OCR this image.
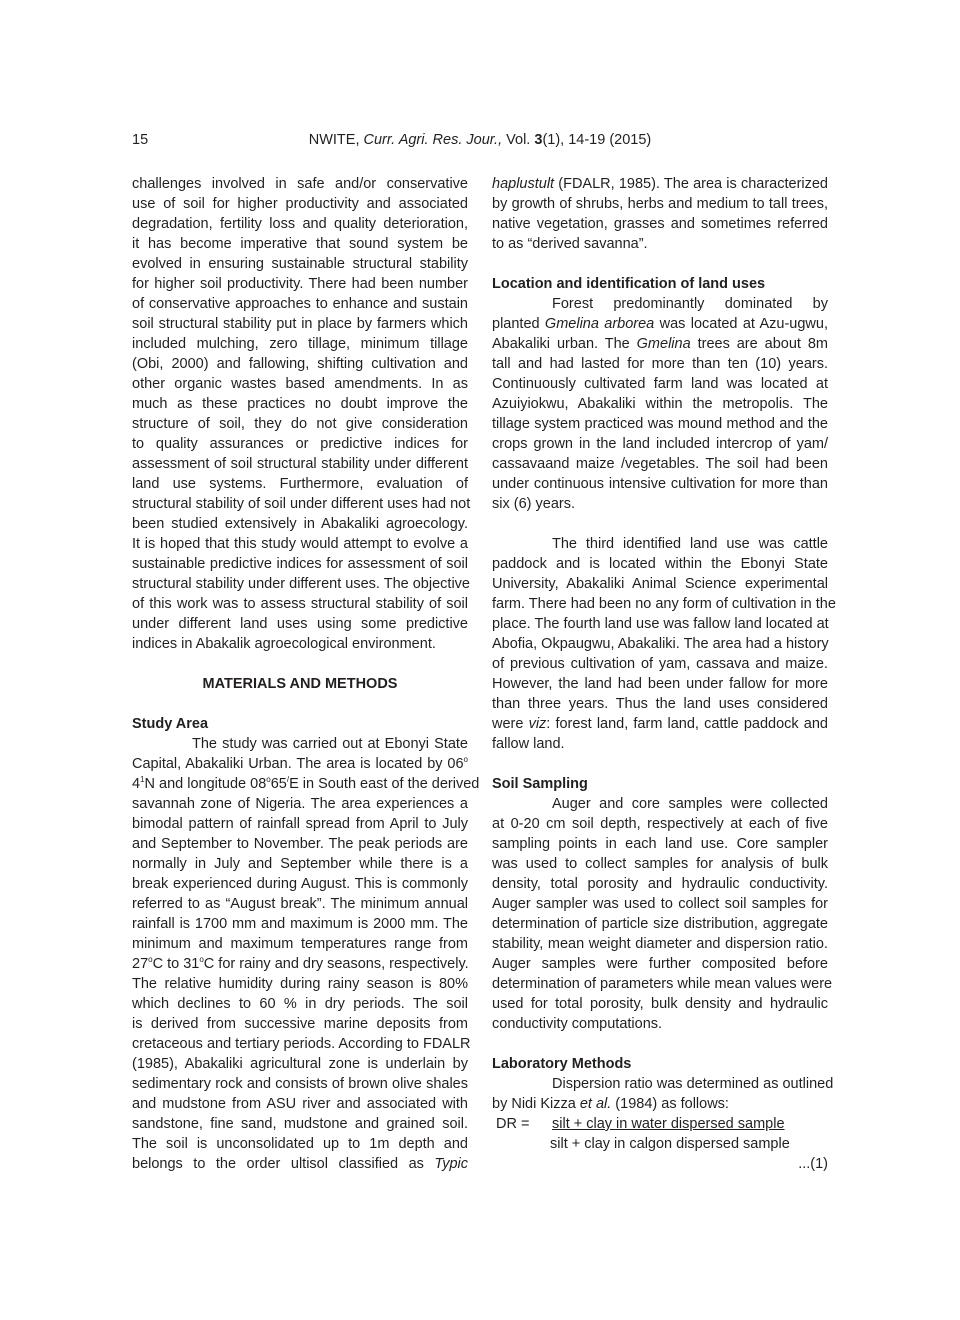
15	NWITE, Curr. Agri. Res. Jour., Vol. 3(1), 14-19 (2015)
challenges involved in safe and/or conservative
use of soil for higher productivity and associated
degradation, fertility loss and quality deterioration,
it has become imperative that sound system be
evolved in ensuring sustainable structural stability
for higher soil productivity. There had been number
of conservative approaches to enhance and sustain
soil structural stability put in place by farmers which
included mulching, zero tillage, minimum tillage
(Obi, 2000) and fallowing, shifting cultivation and
other organic wastes based amendments. In as
much as these practices no doubt improve the
structure of soil, they do not give consideration
to quality assurances or predictive indices for
assessment of soil structural stability under different
land use systems. Furthermore, evaluation of
structural stability of soil under different uses had not
been studied extensively in Abakaliki agroecology.
It is hoped that this study would attempt to evolve a
sustainable predictive indices for assessment of soil
structural stability under different uses. The objective
of this work was to assess structural stability of soil
under different land uses using some predictive
indices in Abakalik agroecological environment.
MATERIALS AND METHODS
Study Area
The study was carried out at Ebonyi State
Capital, Abakaliki Urban. The area is located by 06$^o$
$4^1N$ and longitude 08$^o$65/E in South east of the derived
savannah zone of Nigeria. The area experiences a
bimodal pattern of rainfall spread from April to July
and September to November. The peak periods are
normally in July and September while there is a
break experienced during August. This is commonly
referred to as “August break”. The minimum annual
rainfall is 1700 mm and maximum is 2000 mm. The
minimum and maximum temperatures range from
27$^o$C to 31$^o$C for rainy and dry seasons, respectively.
The relative humidity during rainy season is 80%
which declines to 60 % in dry periods. The soil
is derived from successive marine deposits from
cretaceous and tertiary periods. According to FDALR
(1985), Abakaliki agricultural zone is underlain by
sedimentary rock and consists of brown olive shales
and mudstone from ASU river and associated with
sandstone, fine sand, mudstone and grained soil.
The soil is unconsolidated up to 1m depth and
belongs to the order ultisol classified as Typic
haplustult (FDALR, 1985). The area is characterized
by growth of shrubs, herbs and medium to tall trees,
native vegetation, grasses and sometimes referred
to as “derived savanna”.
Location and identification of land uses
Forest predominantly dominated by
planted Gmelina arborea was located at Azu-ugwu,
Abakaliki urban. The Gmelina trees are about 8m
tall and had lasted for more than ten (10) years.
Continuously cultivated farm land was located at
Azuiyiokwu, Abakaliki within the metropolis. The
tillage system practiced was mound method and the
crops grown in the land included intercrop of yam/
cassavaand maize /vegetables. The soil had been
under continuous intensive cultivation for more than
six (6) years.
The third identified land use was cattle
paddock and is located within the Ebonyi State
University, Abakaliki Animal Science experimental
farm. There had been no any form of cultivation in the
place. The fourth land use was fallow land located at
Abofia, Okpaugwu, Abakaliki. The area had a history
of previous cultivation of yam, cassava and maize.
However, the land had been under fallow for more
than three years. Thus the land uses considered
were viz: forest land, farm land, cattle paddock and
fallow land.
Soil Sampling
Auger and core samples were collected
at 0-20 cm soil depth, respectively at each of five
sampling points in each land use. Core sampler
was used to collect samples for analysis of bulk
density, total porosity and hydraulic conductivity.
Auger sampler was used to collect soil samples for
determination of particle size distribution, aggregate
stability, mean weight diameter and dispersion ratio.
Auger samples were further composited before
determination of parameters while mean values were
used for total porosity, bulk density and hydraulic
conductivity computations.
Laboratory Methods
Dispersion ratio was determined as outlined
by Nidi Kizza et al. (1984) as follows:
DR = silt + clay in water dispersed sample
silt + clay in calgon dispersed sample
...(1)
